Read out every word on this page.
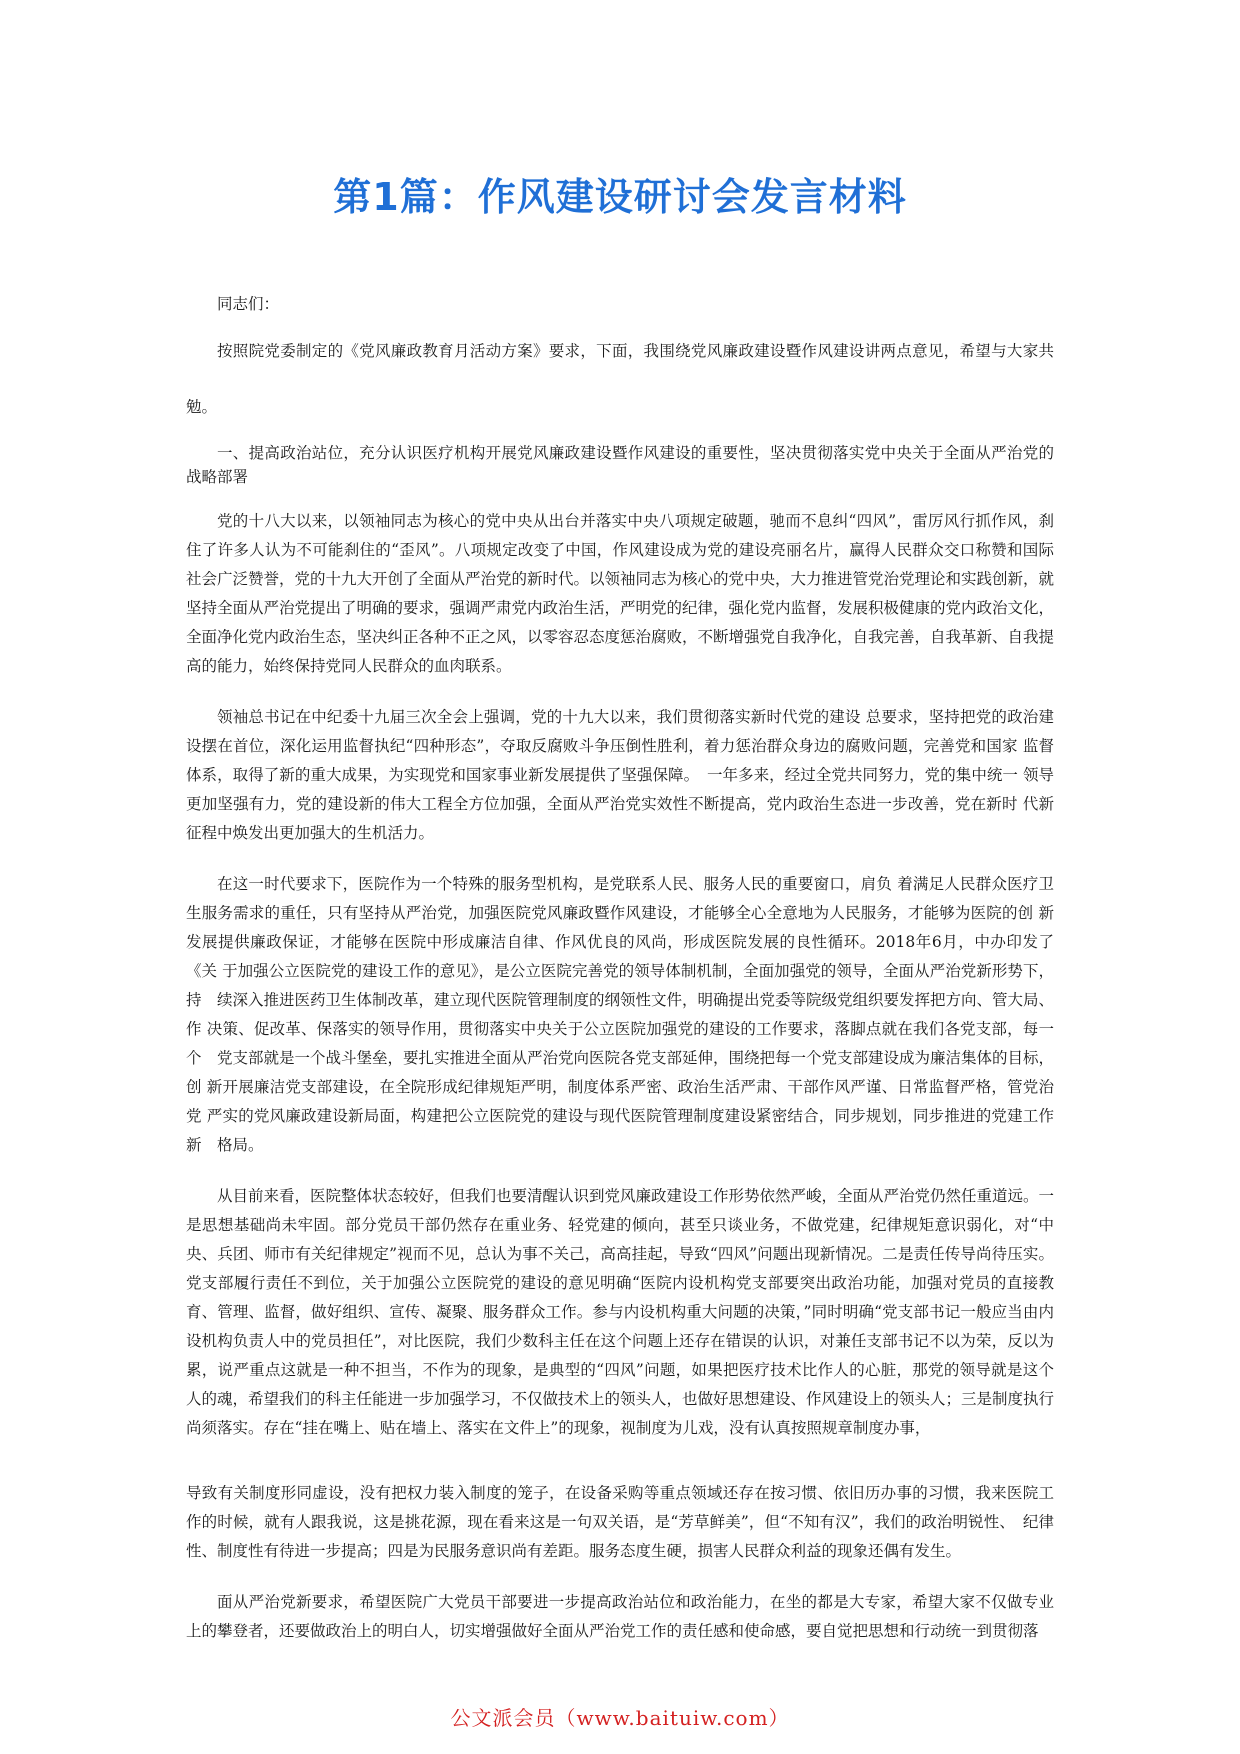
第1篇：作风建设研讨会发言材料

同志们：

按照院党委制定的《党风廉政教育月活动方案》要求，下面，我围绕党风廉政建设暨作风建设讲两点意见，希望与大家共勉。

一、提高政治站位，充分认识医疗机构开展党风廉政建设暨作风建设的重要性，坚决贯彻落实党中央关于全面从严治党的 战略部署

党的十八大以来，以领袖同志为核心的党中央从出台并落实中央八项规定破题，驰而不息纠“四风”，雷厉风行抓作风，刹住了许多人认为不可能刹住的“歪风”。八项规定改变了中国，作风建设成为党的建设亮丽名片，赢得人民群众交口称赞和国际社会广泛赞誉，党的十九大开创了全面从严治党的新时代。以领袖同志为核心的党中央，大力推进管党治党理论和实践创新，就坚持全面从严治党提出了明确的要求，强调严肃党内政治生活，严明党的纪律，强化党内监督，发展积极健康的党内政治文化，全面净化党内政治生态，坚决纠正各种不正之风，以零容忍态度惩治腐败，不断增强党自我净化，自我完善，自我革新、自我提高的能力，始终保持党同人民群众的血肉联系。

领袖总书记在中纪委十九届三次全会上强调，党的十九大以来，我们贯彻落实新时代党的建设 总要求，坚持把党的政治建设摆在首位，深化运用监督执纪“四种形态”，夺取反腐败斗争压倒性胜利，着力惩治群众身边的腐败问题，完善党和国家 监督体系，取得了新的重大成果，为实现党和国家事业新发展提供了坚强保障。　一年多来，经过全党共同努力，党的集中统一 领导更加坚强有力，党的建设新的伟大工程全方位加强，全面从严治党实效性不断提高，党内政治生态进一步改善，党在新时 代新征程中焕发出更加强大的生机活力。

在这一时代要求下，医院作为一个特殊的服务型机构，是党联系人民、服务人民的重要窗口，肩负 着满足人民群众医疗卫生服务需求的重任，只有坚持从严治党，加强医院党风廉政暨作风建设，才能够全心全意地为人民服务，才能够为医院的创 新发展提供廉政保证，才能够在医院中形成廉洁自律、作风优良的风尚，形成医院发展的良性循环。2018年6月，中办印发了《关 于加强公立医院党的建设工作的意见》，是公立医院完善党的领导体制机制，全面加强党的领导，全面从严治党新形势下，持　续深入推进医药卫生体制改革，建立现代医院管理制度的纲领性文件，明确提出党委等院级党组织要发挥把方向、管大局、作 决策、促改革、保落实的领导作用，贯彻落实中央关于公立医院加强党的建设的工作要求，落脚点就在我们各党支部，每一个　党支部就是一个战斗堡垒，要扎实推进全面从严治党向医院各党支部延伸，围绕把每一个党支部建设成为廉洁集体的目标，创 新开展廉洁党支部建设，在全院形成纪律规矩严明，制度体系严密、政治生活严肃、干部作风严谨、日常监督严格，管党治党 严实的党风廉政建设新局面，构建把公立医院党的建设与现代医院管理制度建设紧密结合，同步规划，同步推进的党建工作新　格局。

从目前来看，医院整体状态较好，但我们也要清醒认识到党风廉政建设工作形势依然严峻，全面从严治党仍然任重道远。一是思想基础尚未牢固。部分党员干部仍然存在重业务、轻党建的倾向，甚至只谈业务，不做党建，纪律规矩意识弱化，对“中央、兵团、师市有关纪律规定”视而不见，总认为事不关己，高高挂起，导致“四风”问题出现新情况。二是责任传导尚待压实。党支部履行责任不到位，关于加强公立医院党的建设的意见明确“医院内设机构党支部要突出政治功能，加强对党员的直接教育、管理、监督，做好组织、宣传、凝聚、服务群众工作。参与内设机构重大问题的决策，”同时明确“党支部书记一般应当由内设机构负责人中的党员担任”，对比医院，我们少数科主任在这个问题上还存在错误的认识，对兼任支部书记不以为荣，反以为累，说严重点这就是一种不担当，不作为的现象，是典型的“四风”问题，如果把医疗技术比作人的心脏，那党的领导就是这个人的魂，希望我们的科主任能进一步加强学习，不仅做技术上的领头人，也做好思想建设、作风建设上的领头人；三是制度执行尚须落实。存在“挂在嘴上、贴在墙上、落实在文件上”的现象，视制度为儿戏，没有认真按照规章制度办事，

导致有关制度形同虚设，没有把权力装入制度的笼子，在设备采购等重点领域还存在按习惯、依旧历办事的习惯，我来医院工 作的时候，就有人跟我说，这是挑花源，现在看来这是一句双关语，是“芳草鲜美”，但“不知有汉”，我们的政治明锐性、　纪律性、制度性有待进一步提高；四是为民服务意识尚有差距。服务态度生硬，损害人民群众利益的现象还偶有发生。

面从严治党新要求，希望医院广大党员干部要进一步提高政治站位和政治能力，在坐的都是大专家，希望大家不仅做专业 上的攀登者，还要做政治上的明白人，切实增强做好全面从严治党工作的责任感和使命感，要自觉把思想和行动统一到贯彻落

公文派会员（www.baituiw.com）
